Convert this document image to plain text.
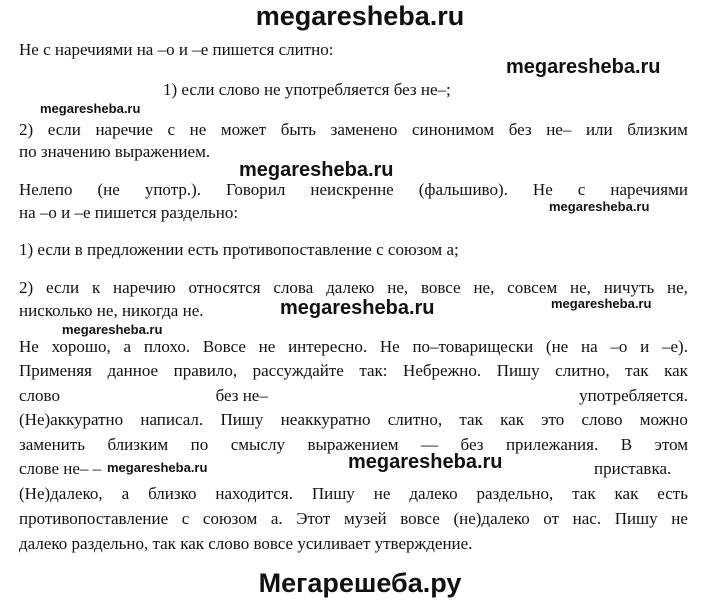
megaresheba.ru
Не с наречиями на –о и –е пишется слитно:
megaresheba.ru
1) если слово не употребляется без не–;
megaresheba.ru
2) если наречие с не может быть заменено синонимом без не– или близким
по значению выражением.
megaresheba.ru
Нелепо (не употр.). Говорил неискренне (фальшиво). Не с наречиями
на –о и –е пишется раздельно:	megaresheba.ru
1) если в предложении есть противопоставление с союзом а;
2) если к наречию относятся слова далеко не, вовсе не, совсем не, ничуть не,
нисколько не, никогда не.	megaresheba.ru
megaresheba.ru
megaresheba.ru
Не хорошо, а плохо. Вовсе не интересно. Не по–товарищески (не на –о и –е).
Применяя данное правило, рассуждайте так: Небрежно. Пишу слитно, так как
слово	без не–	употребляется.
(Не)аккуратно написал. Пишу неаккуратно слитно, так как это слово можно
заменить близким по смыслу выражением — без прилежания. В этом
слове не– – megaresheba.ru	megaresheba.ru	приставка.
(Не)далеко, а близко находится. Пишу не далеко раздельно, так как есть
противопоставление с союзом а. Этот музей вовсе (не)далеко от нас. Пишу не
далеко раздельно, так как слово вовсе усиливает утверждение.
Мегарешеба.ру
